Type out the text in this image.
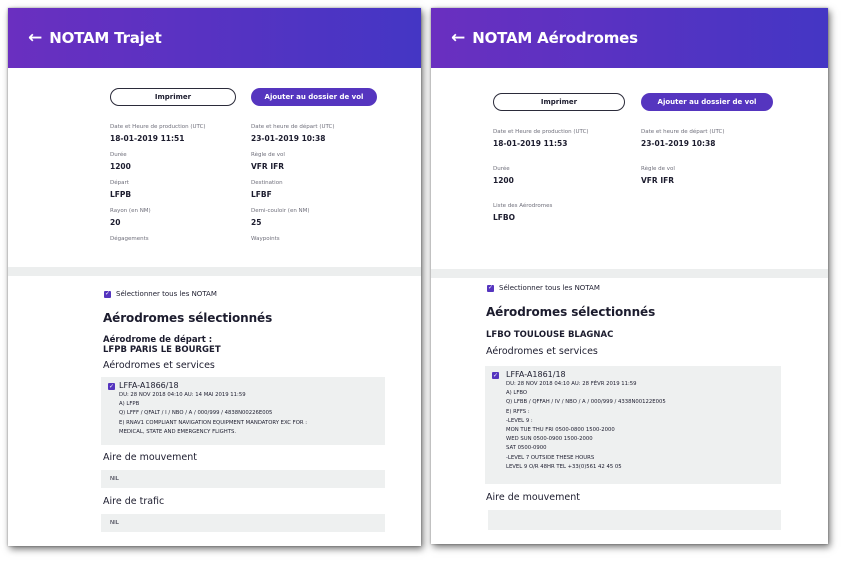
← NOTAM Trajet
Imprimer	Ajouter au dossier de vol
Date et Heure de production (UTC)
18-01-2019 11:51
Date et heure de départ (UTC)
23-01-2019 10:38
Durée
1200
Règle de vol
VFR IFR
Départ
LFPB
Destination
LFBF
Rayon (en NM)
20
Demi-couloir (en NM)
25
Dégagements	Waypoints
✓ Sélectionner tous les NOTAM
Aérodromes sélectionnés
Aérodrome de départ :
LFPB PARIS LE BOURGET
Aérodromes et services
✓ LFFA-A1866/18
DU: 28 NOV 2018 04:10 AU: 14 MAI 2019 11:59
A) LFPB
Q) LFFF / QFALT / I / NBO / A / 000/999 / 4838N00226E005
E) RNAV1 COMPLIANT NAVIGATION EQUIPMENT MANDATORY EXC FOR :
MEDICAL, STATE AND EMERGENCY FLIGHTS.
Aire de mouvement
NIL
Aire de trafic
NIL
← NOTAM Aérodromes
Imprimer	Ajouter au dossier de vol
Date et Heure de production (UTC)
18-01-2019 11:53
Date et heure de départ (UTC)
23-01-2019 10:38
Durée
1200
Règle de vol
VFR IFR
Liste des Aérodromes
LFBO
✓ Sélectionner tous les NOTAM
Aérodromes sélectionnés
LFBO TOULOUSE BLAGNAC
Aérodromes et services
✓ LFFA-A1861/18
DU: 28 NOV 2018 04:10 AU: 28 FÉVR 2019 11:59
A) LFBO
Q) LFBB / QFFAH / IV / NBO / A / 000/999 / 4338N00122E005
E) RFFS :
-LEVEL 9 :
MON TUE THU FRI 0500-0800 1500-2000
WED SUN 0500-0900 1500-2000
SAT 0500-0900
-LEVEL 7 OUTSIDE THESE HOURS
LEVEL 9 O/R 48HR TEL +33(0)561 42 45 05
Aire de mouvement
